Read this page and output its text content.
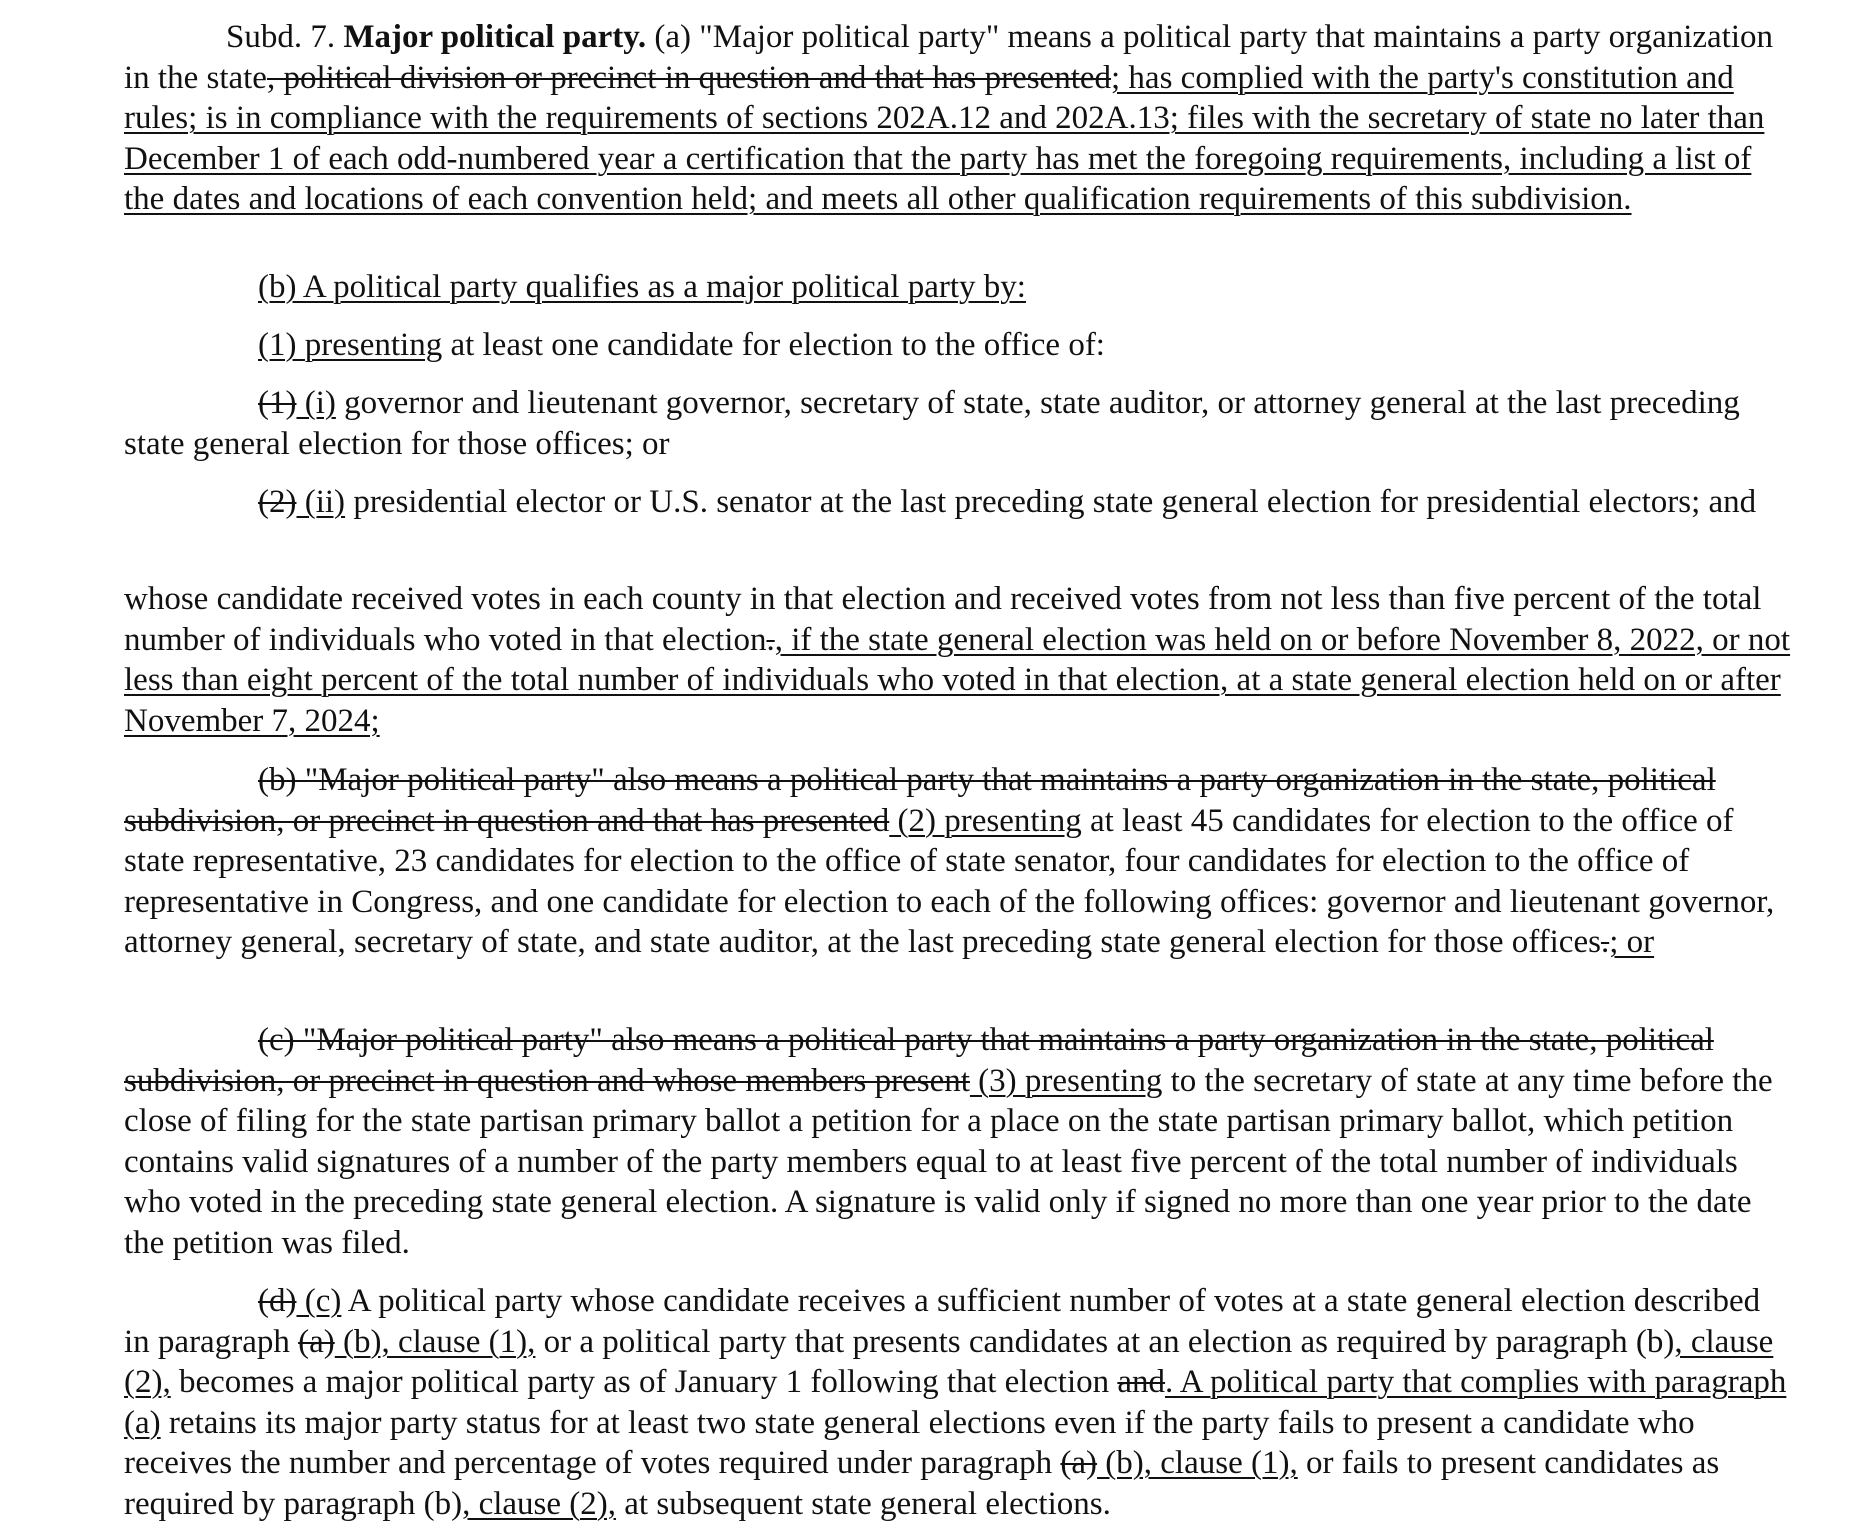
Subd. 7. Major political party. (a) "Major political party" means a political party that maintains a party organization in the state, political division or precinct in question and that has presented; has complied with the party's constitution and rules; is in compliance with the requirements of sections 202A.12 and 202A.13; files with the secretary of state no later than December 1 of each odd-numbered year a certification that the party has met the foregoing requirements, including a list of the dates and locations of each convention held; and meets all other qualification requirements of this subdivision.

(b) A political party qualifies as a major political party by:

(1) presenting at least one candidate for election to the office of:

(1) (i) governor and lieutenant governor, secretary of state, state auditor, or attorney general at the last preceding state general election for those offices; or

(2) (ii) presidential elector or U.S. senator at the last preceding state general election for presidential electors; and

whose candidate received votes in each county in that election and received votes from not less than five percent of the total number of individuals who voted in that election., if the state general election was held on or before November 8, 2022, or not less than eight percent of the total number of individuals who voted in that election, at a state general election held on or after November 7, 2024;

(b) "Major political party" also means a political party that maintains a party organization in the state, political subdivision, or precinct in question and that has presented (2) presenting at least 45 candidates for election to the office of state representative, 23 candidates for election to the office of state senator, four candidates for election to the office of representative in Congress, and one candidate for election to each of the following offices: governor and lieutenant governor, attorney general, secretary of state, and state auditor, at the last preceding state general election for those offices.; or

(c) "Major political party" also means a political party that maintains a party organization in the state, political subdivision, or precinct in question and whose members present (3) presenting to the secretary of state at any time before the close of filing for the state partisan primary ballot a petition for a place on the state partisan primary ballot, which petition contains valid signatures of a number of the party members equal to at least five percent of the total number of individuals who voted in the preceding state general election. A signature is valid only if signed no more than one year prior to the date the petition was filed.

(d) (c) A political party whose candidate receives a sufficient number of votes at a state general election described in paragraph (a) (b), clause (1), or a political party that presents candidates at an election as required by paragraph (b), clause (2), becomes a major political party as of January 1 following that election and. A political party that complies with paragraph (a) retains its major party status for at least two state general elections even if the party fails to present a candidate who receives the number and percentage of votes required under paragraph (a) (b), clause (1), or fails to present candidates as required by paragraph (b), clause (2), at subsequent state general elections.
